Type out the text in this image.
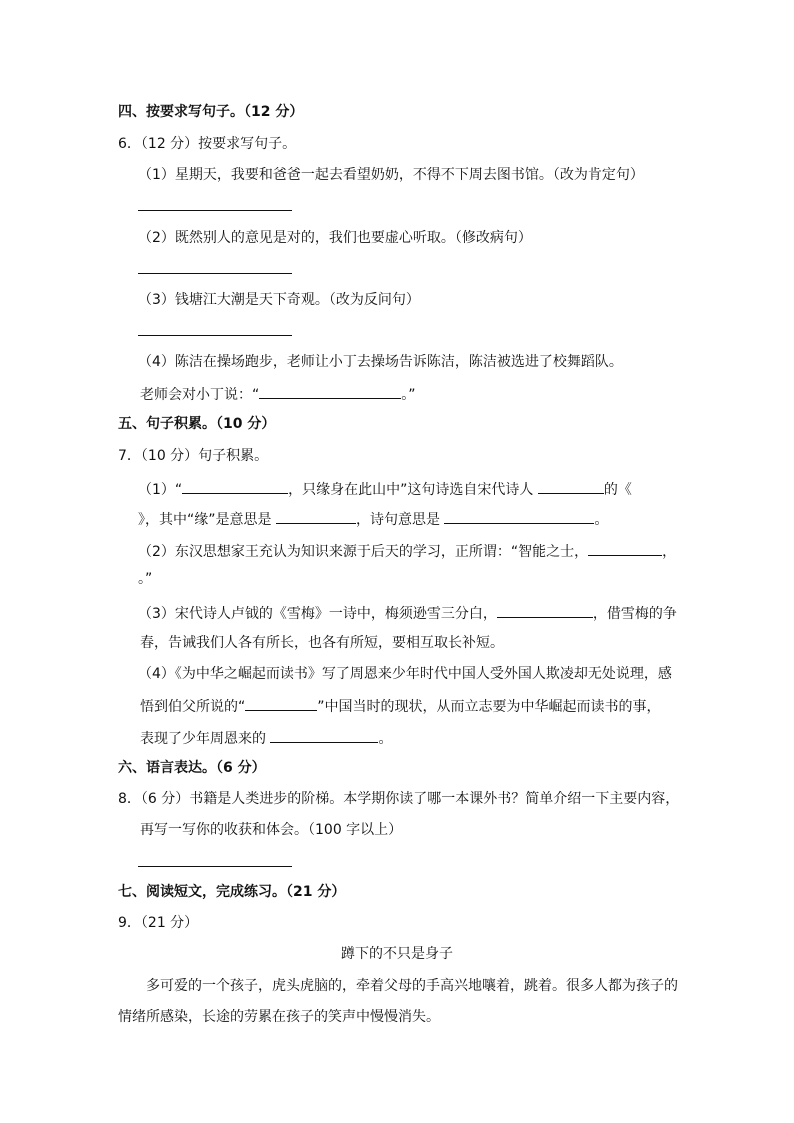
四、按要求写句子。（12 分）
6．（12 分）按要求写句子。
（1）星期天，我要和爸爸一起去看望奶奶，不得不下周去图书馆。（改为肯定句）
（2）既然别人的意见是对的，我们也要虚心听取。（修改病句）
（3）钱塘江大潮是天下奇观。（改为反问句）
（4）陈洁在操场跑步，老师让小丁去操场告诉陈洁，陈洁被选进了校舞蹈队。
老师会对小丁说：“	。”
五、句子积累。（10 分）
7．（10 分）句子积累。
（1）“	，只缘身在此山中”这句诗选自宋代诗人	的《
》，其中“缘”是意思是	，诗句意思是	。
（2）东汉思想家王充认为知识来源于后天的学习，正所谓：“智能之士，	，
。”
（3）宋代诗人卢钺的《雪梅》一诗中，梅须逊雪三分白，	，借雪梅的争
春，告诫我们人各有所长，也各有所短，要相互取长补短。
（4）《为中华之崛起而读书》写了周恩来少年时代中国人受外国人欺凌却无处说理，感
悟到伯父所说的“	”中国当时的现状，从而立志要为中华崛起而读书的事，
表现了少年周恩来的	。
六、语言表达。（6 分）
8．（6 分）书籍是人类进步的阶梯。本学期你读了哪一本课外书？简单介绍一下主要内容，
再写一写你的收获和体会。（100 字以上）
七、阅读短文，完成练习。（21 分）
9．（21 分）
蹲下的不只是身子
多可爱的一个孩子，虎头虎脑的，牵着父母的手高兴地嚷着，跳着。很多人都为孩子的
情绪所感染，长途的劳累在孩子的笑声中慢慢消失。
